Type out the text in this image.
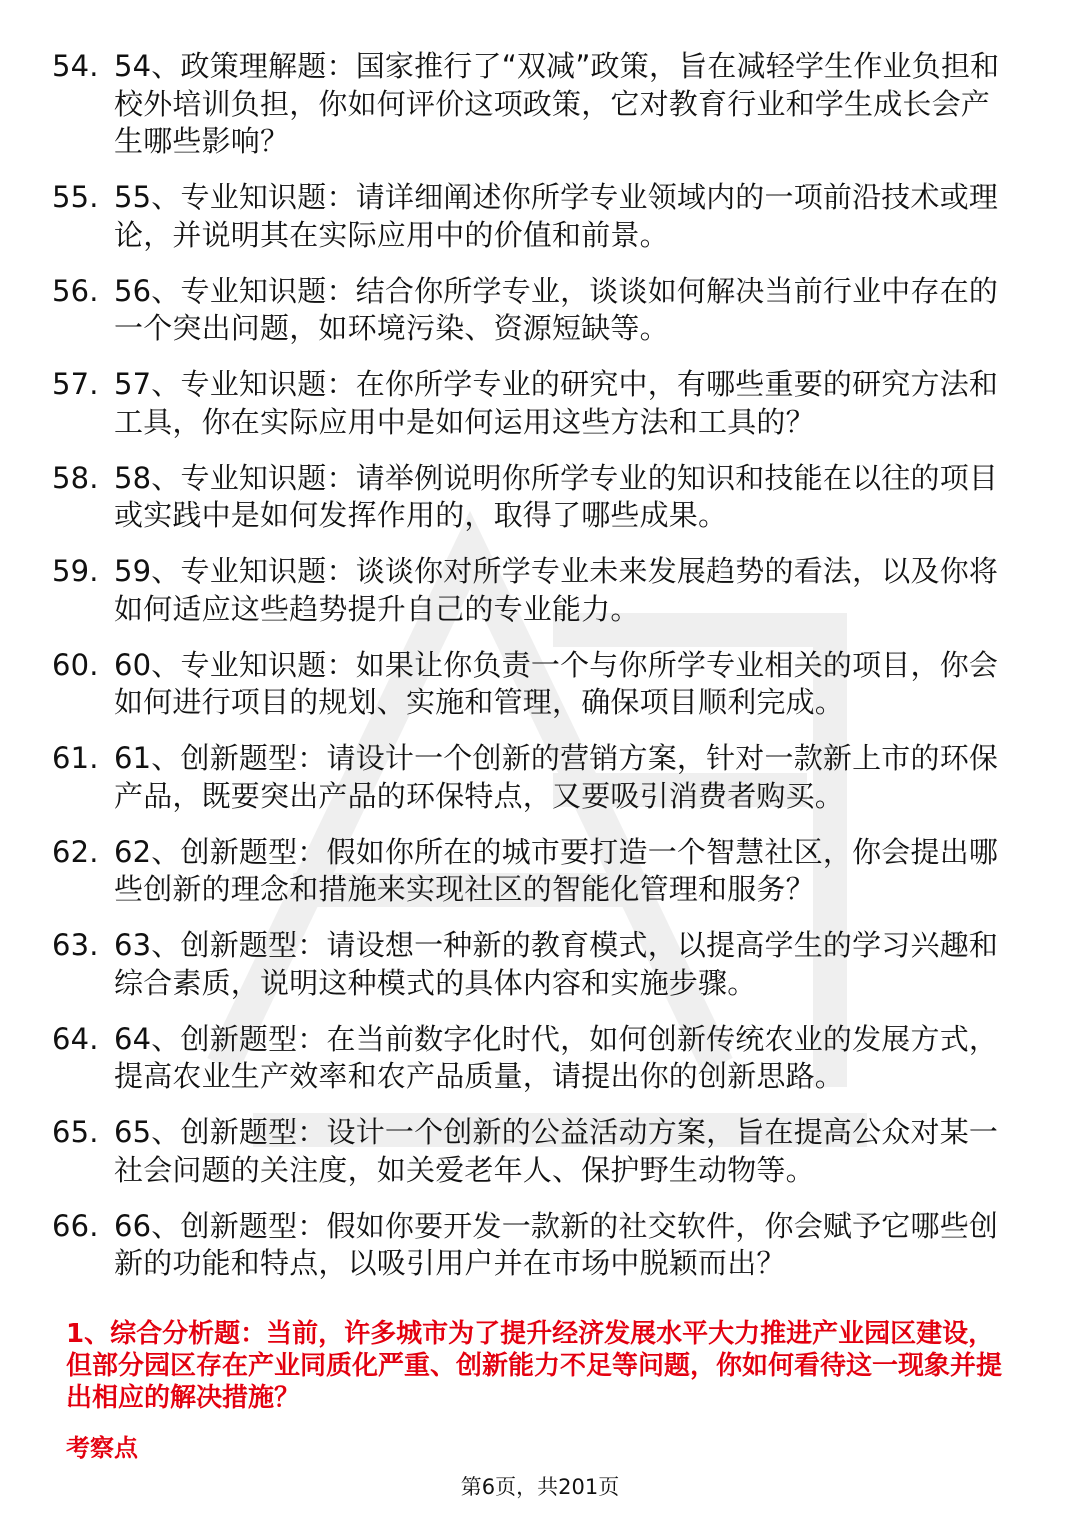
54. 54、政策理解题：国家推行了“双减”政策，旨在减轻学生作业负担和校外培训负担，你如何评价这项政策，它对教育行业和学生成长会产生哪些影响？
55. 55、专业知识题：请详细阐述你所学专业领域内的一项前沿技术或理论，并说明其在实际应用中的价值和前景。
56. 56、专业知识题：结合你所学专业，谈谈如何解决当前行业中存在的一个突出问题，如环境污染、资源短缺等。
57. 57、专业知识题：在你所学专业的研究中，有哪些重要的研究方法和工具，你在实际应用中是如何运用这些方法和工具的？
58. 58、专业知识题：请举例说明你所学专业的知识和技能在以往的项目或实践中是如何发挥作用的，取得了哪些成果。
59. 59、专业知识题：谈谈你对所学专业未来发展趋势的看法，以及你将如何适应这些趋势提升自己的专业能力。
60. 60、专业知识题：如果让你负责一个与你所学专业相关的项目，你会如何进行项目的规划、实施和管理，确保项目顺利完成。
61. 61、创新题型：请设计一个创新的营销方案，针对一款新上市的环保产品，既要突出产品的环保特点，又要吸引消费者购买。
62. 62、创新题型：假如你所在的城市要打造一个智慧社区，你会提出哪些创新的理念和措施来实现社区的智能化管理和服务？
63. 63、创新题型：请设想一种新的教育模式，以提高学生的学习兴趣和综合素质，说明这种模式的具体内容和实施步骤。
64. 64、创新题型：在当前数字化时代，如何创新传统农业的发展方式，提高农业生产效率和农产品质量，请提出你的创新思路。
65. 65、创新题型：设计一个创新的公益活动方案，旨在提高公众对某一社会问题的关注度，如关爱老年人、保护野生动物等。
66. 66、创新题型：假如你要开发一款新的社交软件，你会赋予它哪些创新的功能和特点，以吸引用户并在市场中脱颖而出？
1、综合分析题：当前，许多城市为了提升经济发展水平大力推进产业园区建设，但部分园区存在产业同质化严重、创新能力不足等问题，你如何看待这一现象并提出相应的解决措施？
考察点
第6页，共201页
